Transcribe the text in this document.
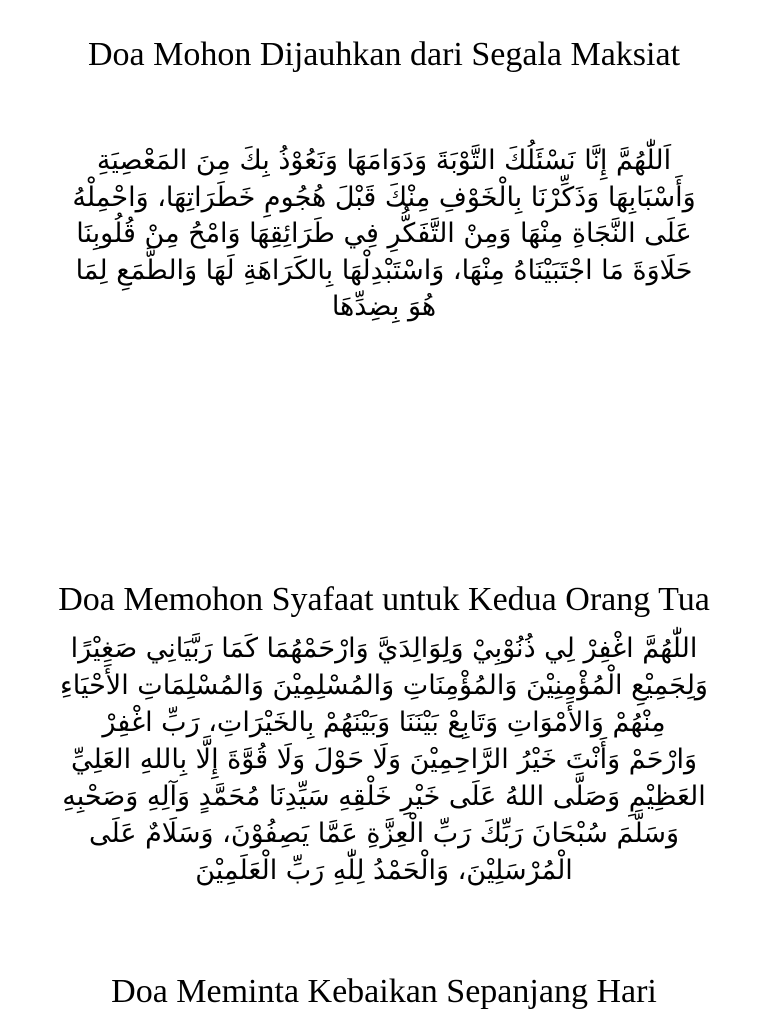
Doa Mohon Dijauhkan dari Segala Maksiat
اَللّٰهُمَّ إِنَّا نَسْئَلُكَ التَّوْبَةَ وَدَوَامَهَا وَنَعُوْذُ بِكَ مِنَ المَعْصِيَةِ
وَأَسْبَابِهَا وَذَكِّرْنَا بِالْخَوْفِ مِنْكَ قَبْلَ هُجُومِ خَطَرَاتِهَا، وَاحْمِلْهُ
عَلَى النَّجَاةِ مِنْهَا وَمِنْ التَّفَكُّرِ فِي طَرَائِقِهَا وَامْحُ مِنْ قُلُوبِنَا
حَلَاوَةَ مَا اجْتَبَيْنَاهُ مِنْهَا، وَاسْتَبْدِلْهَا بِالكَرَاهَةِ لَهَا وَالطَّمَعِ لِمَا
هُوَ بِضِدِّهَا
Doa Memohon Syafaat untuk Kedua Orang Tua
اللّٰهُمَّ اغْفِرْ لِي ذُنُوْبِيْ وَلِوَالِدَيَّ وَارْحَمْهُمَا كَمَا رَبَّيَانِي صَغِيْرًا
وَلِجَمِيْعِ الْمُؤْمِنِيْنَ وَالمُؤْمِنَاتِ وَالمُسْلِمِيْنَ وَالمُسْلِمَاتِ الأَحْيَاءِ
مِنْهُمْ وَالأَمْوَاتِ وَتَابِعْ بَيْنَنَا وَبَيْنَهُمْ بِالخَيْرَاتِ، رَبِّ اغْفِرْ
وَارْحَمْ وَأَنْتَ خَيْرُ الرَّاحِمِيْنَ وَلَا حَوْلَ وَلَا قُوَّةَ إِلَّا بِاللهِ العَلِيِّ
العَظِيْمِ وَصَلَّى اللهُ عَلَى خَيْرِ خَلْقِهِ سَيِّدِنَا مُحَمَّدٍ وَآلِهِ وَصَحْبِهِ
وَسَلَّمَ سُبْحَانَ رَبِّكَ رَبِّ الْعِزَّةِ عَمَّا يَصِفُوْنَ، وَسَلَامٌ عَلَى
الْمُرْسَلِيْنَ، وَالْحَمْدُ لِلّٰهِ رَبِّ الْعَلَمِيْنَ
Doa Meminta Kebaikan Sepanjang Hari
